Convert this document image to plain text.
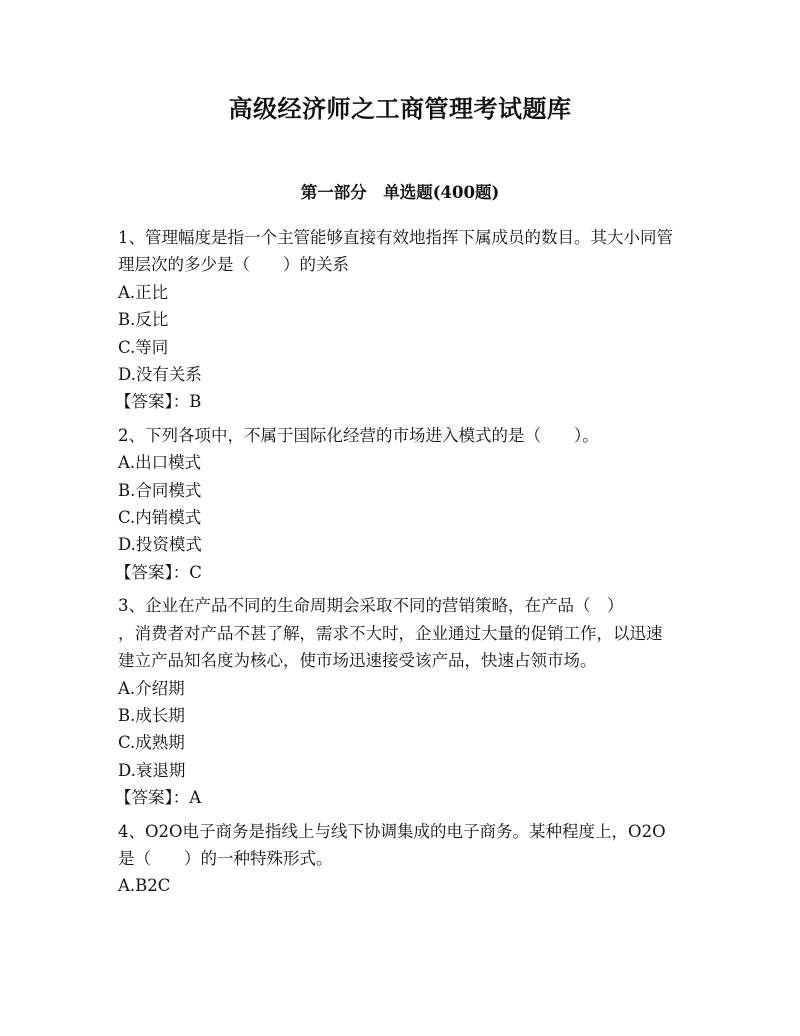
高级经济师之工商管理考试题库
第一部分　单选题(400题)
1、管理幅度是指一个主管能够直接有效地指挥下属成员的数目。其大小同管理层次的多少是（　　）的关系
A.正比
B.反比
C.等同
D.没有关系
【答案】：B
2、下列各项中，不属于国际化经营的市场进入模式的是（　　）。
A.出口模式
B.合同模式
C.内销模式
D.投资模式
【答案】：C
3、企业在产品不同的生命周期会采取不同的营销策略，在产品（　）
，消费者对产品不甚了解，需求不大时，企业通过大量的促销工作，以迅速建立产品知名度为核心，使市场迅速接受该产品，快速占领市场。
A.介绍期
B.成长期
C.成熟期
D.衰退期
【答案】：A
4、O2O电子商务是指线上与线下协调集成的电子商务。某种程度上，O2O是（　　）的一种特殊形式。
A.B2C
